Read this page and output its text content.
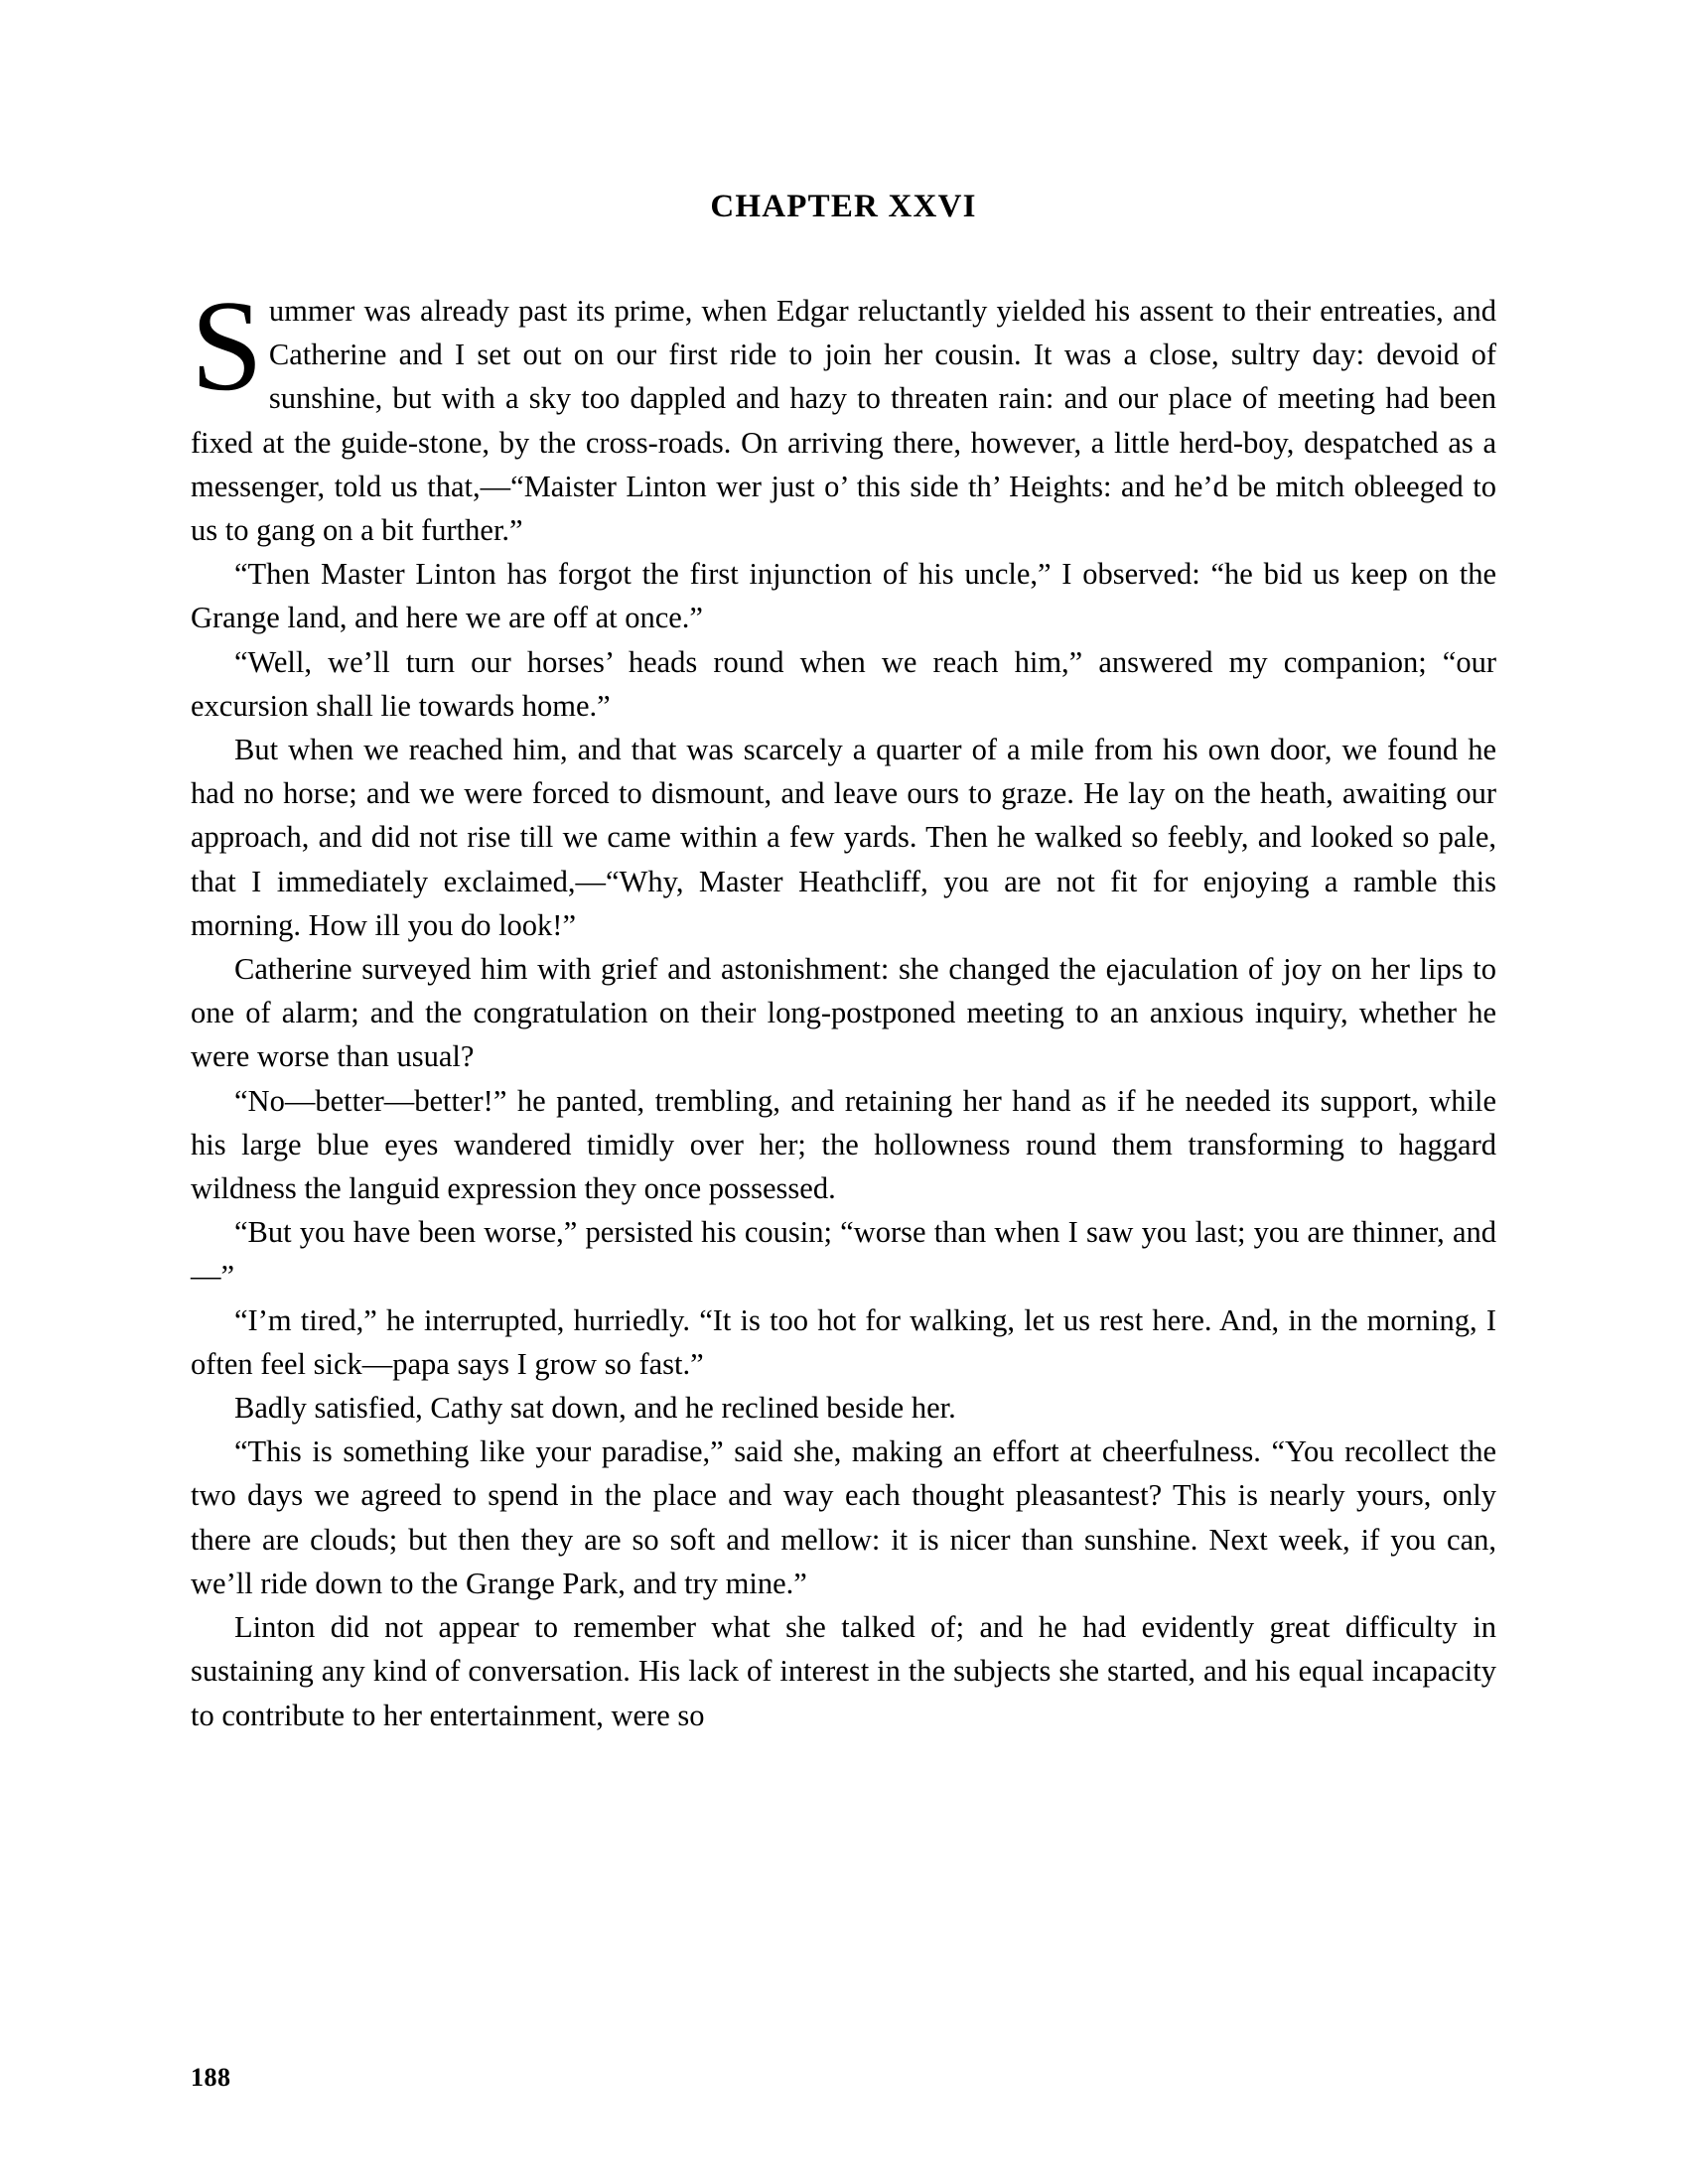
CHAPTER XXVI

Summer was already past its prime, when Edgar reluctantly yielded his assent to their entreaties, and Catherine and I set out on our first ride to join her cousin. It was a close, sultry day: devoid of sunshine, but with a sky too dappled and hazy to threaten rain: and our place of meeting had been fixed at the guide-stone, by the cross-roads. On arriving there, however, a little herd-boy, despatched as a messenger, told us that,—“Maister Linton wer just o’ this side th’ Heights: and he’d be mitch obleeged to us to gang on a bit further.”

“Then Master Linton has forgot the first injunction of his uncle,” I observed: “he bid us keep on the Grange land, and here we are off at once.”

“Well, we’ll turn our horses’ heads round when we reach him,” answered my companion; “our excursion shall lie towards home.”

But when we reached him, and that was scarcely a quarter of a mile from his own door, we found he had no horse; and we were forced to dismount, and leave ours to graze. He lay on the heath, awaiting our approach, and did not rise till we came within a few yards. Then he walked so feebly, and looked so pale, that I immediately exclaimed,—“Why, Master Heathcliff, you are not fit for enjoying a ramble this morning. How ill you do look!”

Catherine surveyed him with grief and astonishment: she changed the ejaculation of joy on her lips to one of alarm; and the congratulation on their long-postponed meeting to an anxious inquiry, whether he were worse than usual?

“No—better—better!” he panted, trembling, and retaining her hand as if he needed its support, while his large blue eyes wandered timidly over her; the hollowness round them transforming to haggard wildness the languid expression they once possessed.

“But you have been worse,” persisted his cousin; “worse than when I saw you last; you are thinner, and—”

“I’m tired,” he interrupted, hurriedly. “It is too hot for walking, let us rest here. And, in the morning, I often feel sick—papa says I grow so fast.”

Badly satisfied, Cathy sat down, and he reclined beside her.

“This is something like your paradise,” said she, making an effort at cheerfulness. “You recollect the two days we agreed to spend in the place and way each thought pleasantest? This is nearly yours, only there are clouds; but then they are so soft and mellow: it is nicer than sunshine. Next week, if you can, we’ll ride down to the Grange Park, and try mine.”

Linton did not appear to remember what she talked of; and he had evidently great difficulty in sustaining any kind of conversation. His lack of interest in the subjects she started, and his equal incapacity to contribute to her entertainment, were so

188
